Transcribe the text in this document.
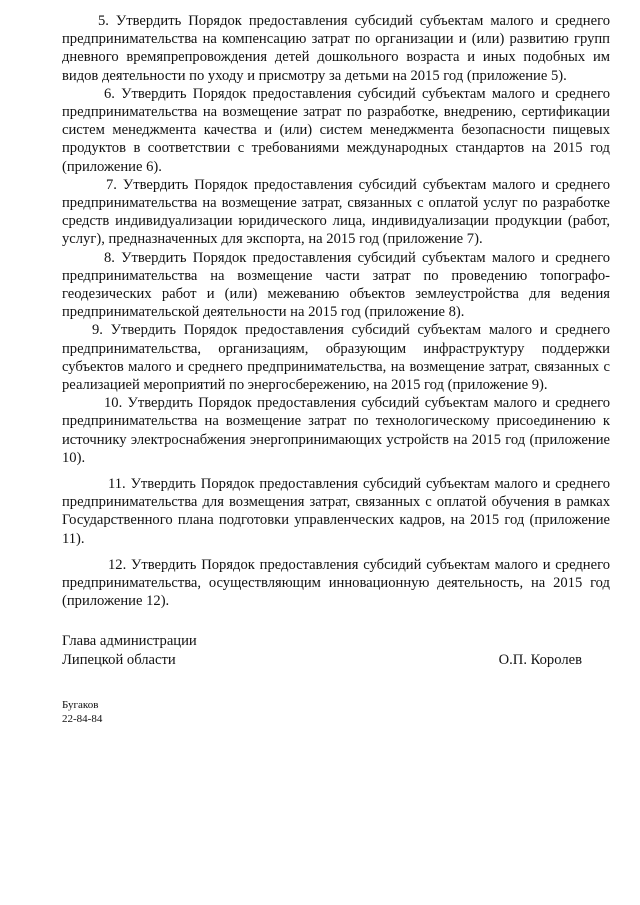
5. Утвердить Порядок предоставления субсидий субъектам малого и среднего предпринимательства на компенсацию затрат по организации и (или) развитию групп дневного времяпрепровождения детей дошкольного возраста и иных подобных им видов деятельности по уходу и присмотру за детьми на 2015 год (приложение 5).

6. Утвердить Порядок предоставления субсидий субъектам малого и среднего предпринимательства на возмещение затрат по разработке, внедрению, сертификации систем менеджмента качества и (или) систем менеджмента безопасности пищевых продуктов в соответствии с требованиями международных стандартов на 2015 год (приложение 6).

7. Утвердить Порядок предоставления субсидий субъектам малого и среднего предпринимательства на возмещение затрат, связанных с оплатой услуг по разработке средств индивидуализации юридического лица, индивидуализации продукции (работ, услуг), предназначенных для экспорта, на 2015 год (приложение 7).

8. Утвердить Порядок предоставления субсидий субъектам малого и среднего предпринимательства на возмещение части затрат по проведению топографо-геодезических работ и (или) межеванию объектов землеустройства для ведения предпринимательской деятельности на 2015 год (приложение 8).

9. Утвердить Порядок предоставления субсидий субъектам малого и среднего предпринимательства, организациям, образующим инфраструктуру поддержки субъектов малого и среднего предпринимательства, на возмещение затрат, связанных с реализацией мероприятий по энергосбережению, на 2015 год (приложение 9).

10. Утвердить Порядок предоставления субсидий субъектам малого и среднего предпринимательства на возмещение затрат по технологическому присоединению к источнику электроснабжения энергопринимающих устройств на 2015 год (приложение 10).

11. Утвердить Порядок предоставления субсидий субъектам малого и среднего предпринимательства для возмещения затрат, связанных с оплатой обучения в рамках Государственного плана подготовки управленческих кадров, на 2015 год (приложение 11).

12. Утвердить Порядок предоставления субсидий субъектам малого и среднего предпринимательства, осуществляющим инновационную деятельность, на 2015 год (приложение 12).

Глава администрации
Липецкой области	О.П. Королев
Бугаков
22-84-84
